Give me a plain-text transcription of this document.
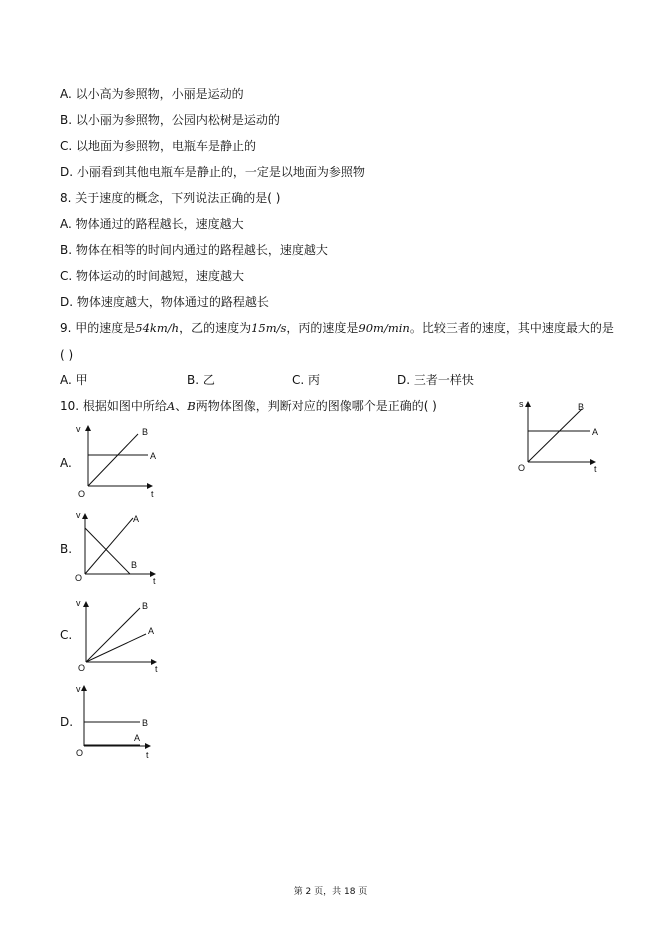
A. 以小高为参照物，小丽是运动的
B. 以小丽为参照物，公园内松树是运动的
C. 以地面为参照物，电瓶车是静止的
D. 小丽看到其他电瓶车是静止的，一定是以地面为参照物
8. 关于速度的概念，下列说法正确的是( )
A. 物体通过的路程越长，速度越大
B. 物体在相等的时间内通过的路程越长，速度越大
C. 物体运动的时间越短，速度越大
D. 物体速度越大，物体通过的路程越长
9. 甲的速度是54km/h，乙的速度为15m/s，丙的速度是90m/min。比较三者的速度，其中速度最大的是
( )
A. 甲	B. 乙	C. 丙	D. 三者一样快
10. 根据如图中所给A、B两物体图像，判断对应的图像哪个是正确的( )	s
t
O
A
B
A.
v
t
O
A
B
B.
v
t
O
A
B
C.
v
t
O
A
B
D.
v
t
O
A
B
第 2 页，共 18 页
